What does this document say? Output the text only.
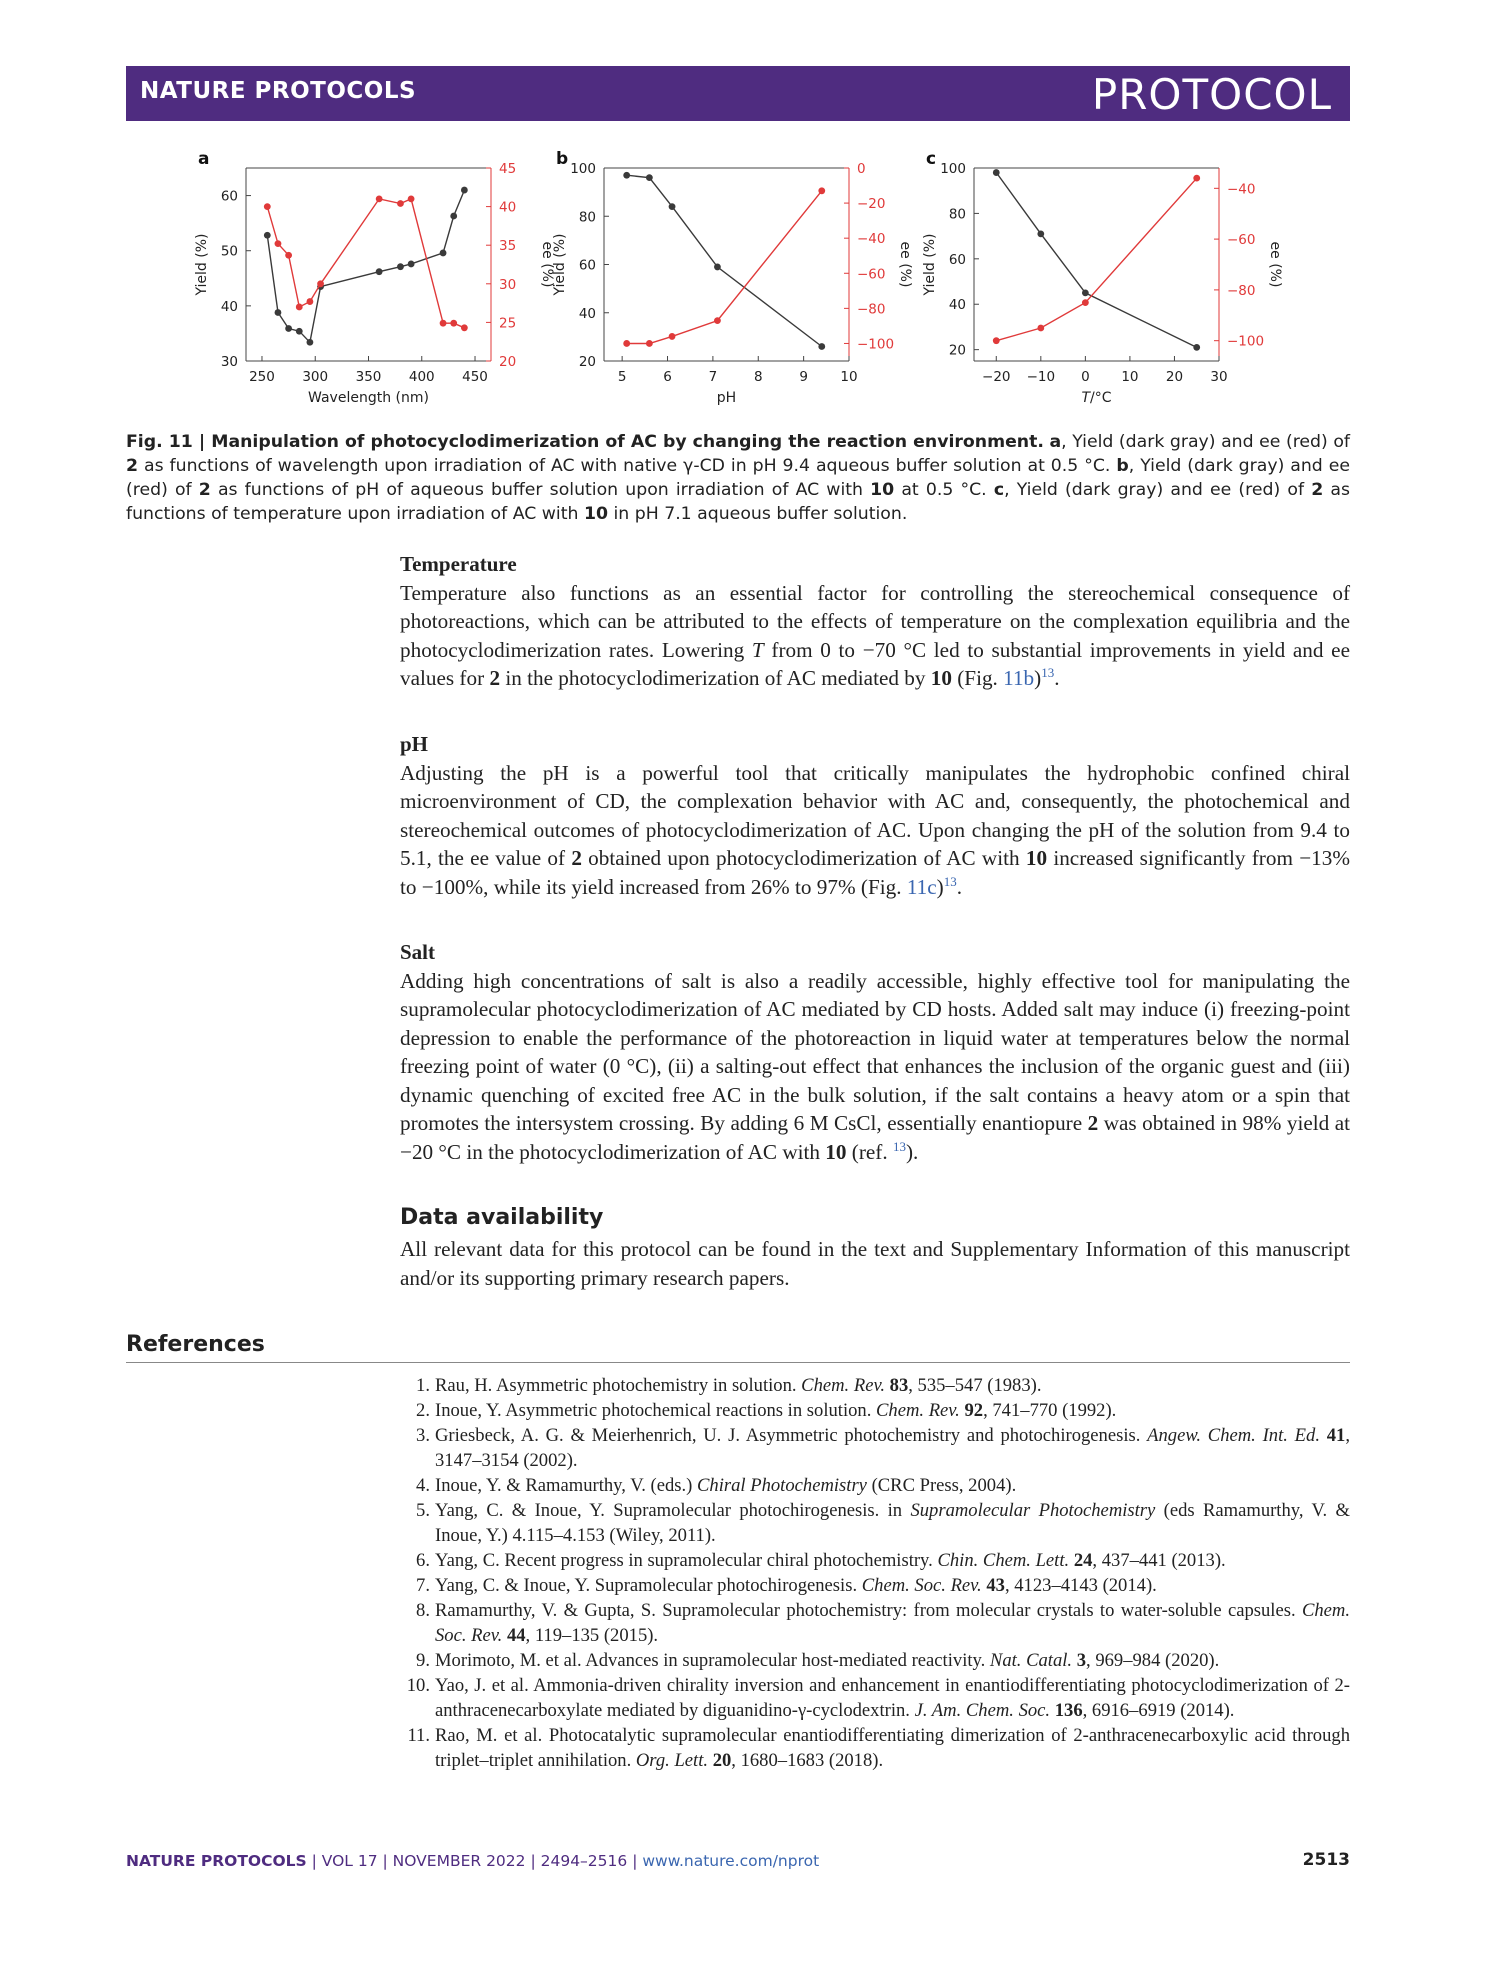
NATURE PROTOCOLS	PROTOCOL
a
250 300 350 400 450
30
40
50
60
20
25
30
35
40
45
Wavelength (nm)
Yield (%)	ee (%)
b
5	6	7	8	9 10
20
40
60
80
100
−100
−80
−60
−40
−20
0
pH
Yield (%)	ee (%)
c
−20 −10 0 10 20 30
20
40
60
80
100
−100
−80
−60
−40
T/°C
Yield (%)	ee (%)
Fig. 11 | Manipulation of photocyclodimerization of AC by changing the reaction environment. a, Yield (dark gray) and ee (red) of 2 as functions of wavelength upon irradiation of AC with native γ-CD in pH 9.4 aqueous buffer solution at 0.5 °C. b, Yield (dark gray) and ee (red) of 2 as functions of pH of aqueous buffer solution upon irradiation of AC with 10 at 0.5 °C. c, Yield (dark gray) and ee (red) of 2 as functions of temperature upon irradiation of AC with 10 in pH 7.1 aqueous buffer solution.
Temperature

Temperature also functions as an essential factor for controlling the stereochemical consequence of photoreactions, which can be attributed to the effects of temperature on the complexation equilibria and the photocyclodimerization rates. Lowering T from 0 to −70 °C led to substantial improvements in yield and ee values for 2 in the photocyclodimerization of AC mediated by 10 (Fig. 11b)$^{13}$.

pH

Adjusting the pH is a powerful tool that critically manipulates the hydrophobic confined chiral microenvironment of CD, the complexation behavior with AC and, consequently, the photochemical and stereochemical outcomes of photocyclodimerization of AC. Upon changing the pH of the solution from 9.4 to 5.1, the ee value of 2 obtained upon photocyclodimerization of AC with 10 increased significantly from −13% to −100%, while its yield increased from 26% to 97% (Fig. 11c)$^{13}$.

Salt

Adding high concentrations of salt is also a readily accessible, highly effective tool for manipulating the supramolecular photocyclodimerization of AC mediated by CD hosts. Added salt may induce (i) freezing-point depression to enable the performance of the photoreaction in liquid water at temperatures below the normal freezing point of water (0 °C), (ii) a salting-out effect that enhances the inclusion of the organic guest and (iii) dynamic quenching of excited free AC in the bulk solution, if the salt contains a heavy atom or a spin that promotes the intersystem crossing. By adding 6 M CsCl, essentially enantiopure 2 was obtained in 98% yield at −20 °C in the photocyclodimerization of AC with 10 (ref. $^{13}$).

Data availability
All relevant data for this protocol can be found in the text and Supplementary Information of this manuscript and/or its supporting primary research papers.
References
1. Rau, H. Asymmetric photochemistry in solution. Chem. Rev. 83, 535–547 (1983).
2. Inoue, Y. Asymmetric photochemical reactions in solution. Chem. Rev. 92, 741–770 (1992).
3. Griesbeck, A. G. & Meierhenrich, U. J. Asymmetric photochemistry and photochirogenesis. Angew. Chem. Int. Ed. 41, 3147–3154 (2002).
4. Inoue, Y. & Ramamurthy, V. (eds.) Chiral Photochemistry (CRC Press, 2004).
5. Yang, C. & Inoue, Y. Supramolecular photochirogenesis. in Supramolecular Photochemistry (eds Ramamurthy, V. & Inoue, Y.) 4.115–4.153 (Wiley, 2011).
6. Yang, C. Recent progress in supramolecular chiral photochemistry. Chin. Chem. Lett. 24, 437–441 (2013).
7. Yang, C. & Inoue, Y. Supramolecular photochirogenesis. Chem. Soc. Rev. 43, 4123–4143 (2014).
8. Ramamurthy, V. & Gupta, S. Supramolecular photochemistry: from molecular crystals to water-soluble capsules. Chem. Soc. Rev. 44, 119–135 (2015).
9. Morimoto, M. et al. Advances in supramolecular host-mediated reactivity. Nat. Catal. 3, 969–984 (2020).
10. Yao, J. et al. Ammonia-driven chirality inversion and enhancement in enantiodifferentiating photocyclodimerization of 2-anthracenecarboxylate mediated by diguanidino-γ-cyclodextrin. J. Am. Chem. Soc. 136, 6916–6919 (2014).
11. Rao, M. et al. Photocatalytic supramolecular enantiodifferentiating dimerization of 2-anthracenecarboxylic acid through triplet–triplet annihilation. Org. Lett. 20, 1680–1683 (2018).
NATURE PROTOCOLS | VOL 17 | NOVEMBER 2022 | 2494–2516 | www.nature.com/nprot	2513
